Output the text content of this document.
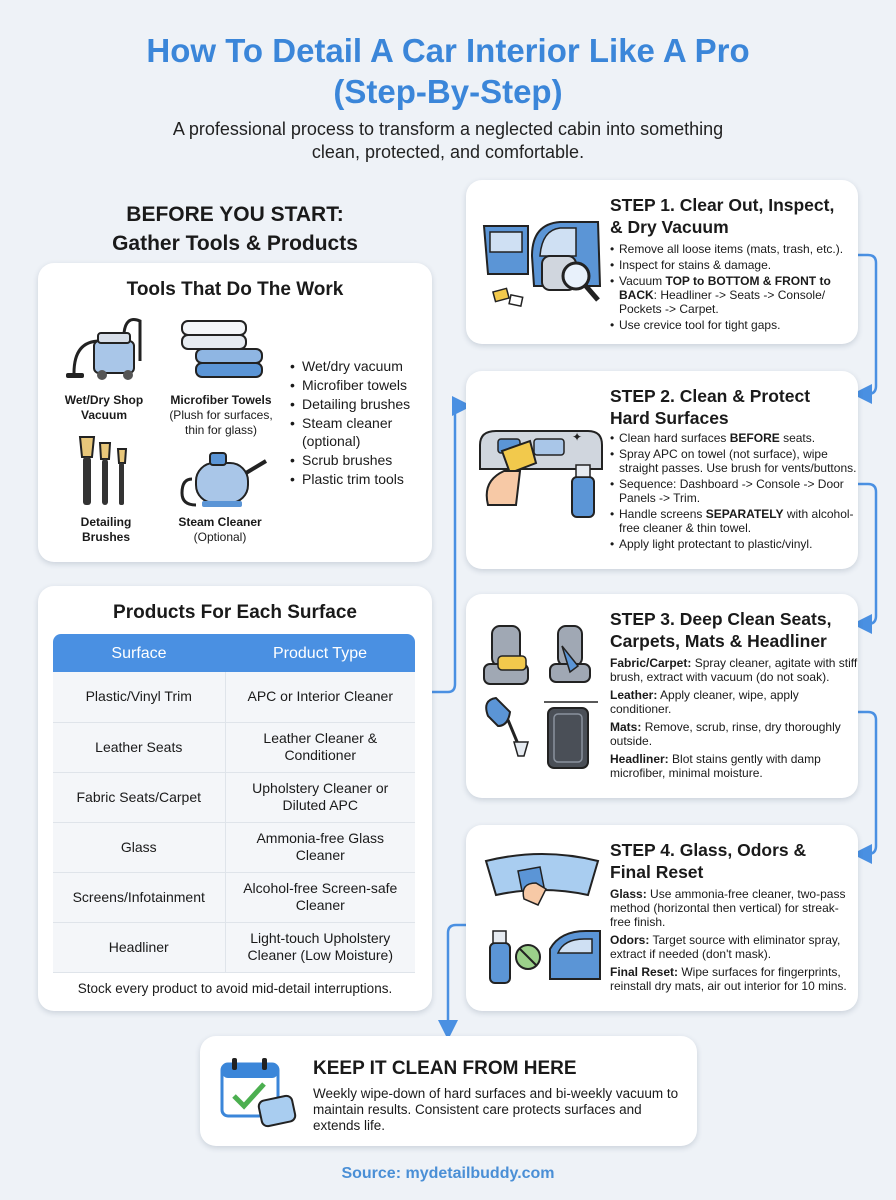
How To Detail A Car Interior Like A Pro
(Step-By-Step)
A professional process to transform a neglected cabin into something
clean, protected, and comfortable.
BEFORE YOU START:
Gather Tools & Products
Tools That Do The Work
Wet/Dry Shop
Vacuum
Microfiber Towels
(Plush for surfaces,
thin for glass)
Detailing
Brushes
Steam Cleaner
(Optional)
• Wet/dry vacuum
• Microfiber towels
• Detailing brushes
• Steam cleaner (optional)
• Scrub brushes
• Plastic trim tools
Products For Each Surface
Surface	Product Type
Plastic/Vinyl Trim	APC or Interior Cleaner
Leather Seats	Leather Cleaner & Conditioner
Fabric Seats/Carpet	Upholstery Cleaner or Diluted APC
Glass	Ammonia-free Glass Cleaner
Screens/Infotainment	Alcohol-free Screen-safe Cleaner
Headliner	Light-touch Upholstery Cleaner (Low Moisture)
Stock every product to avoid mid-detail interruptions.
STEP 1. Clear Out, Inspect, & Dry Vacuum
• Remove all loose items (mats, trash, etc.).
• Inspect for stains & damage.
• Vacuum TOP to BOTTOM & FRONT to BACK: Headliner -> Seats -> Console/ Pockets -> Carpet.
• Use crevice tool for tight gaps.
✦
STEP 2. Clean & Protect Hard Surfaces
• Clean hard surfaces BEFORE seats.
• Spray APC on towel (not surface), wipe straight passes. Use brush for vents/buttons.
• Sequence: Dashboard -> Console -> Door Panels -> Trim.
• Handle screens SEPARATELY with alcohol-free cleaner & thin towel.
• Apply light protectant to plastic/vinyl.
STEP 3. Deep Clean Seats, Carpets, Mats & Headliner

Fabric/Carpet: Spray cleaner, agitate with stiff brush, extract with vacuum (do not soak).

Leather: Apply cleaner, wipe, apply conditioner.

Mats: Remove, scrub, rinse, dry thoroughly outside.

Headliner: Blot stains gently with damp microfiber, minimal moisture.

STEP 4. Glass, Odors & Final Reset

Glass: Use ammonia-free cleaner, two-pass method (horizontal then vertical) for streak-free finish.

Odors: Target source with eliminator spray, extract if needed (don't mask).

Final Reset: Wipe surfaces for fingerprints, reinstall dry mats, air out interior for 10 mins.

KEEP IT CLEAN FROM HERE
Weekly wipe-down of hard surfaces and bi-weekly vacuum to maintain results. Consistent care protects surfaces and extends life.
Source: mydetailbuddy.com
